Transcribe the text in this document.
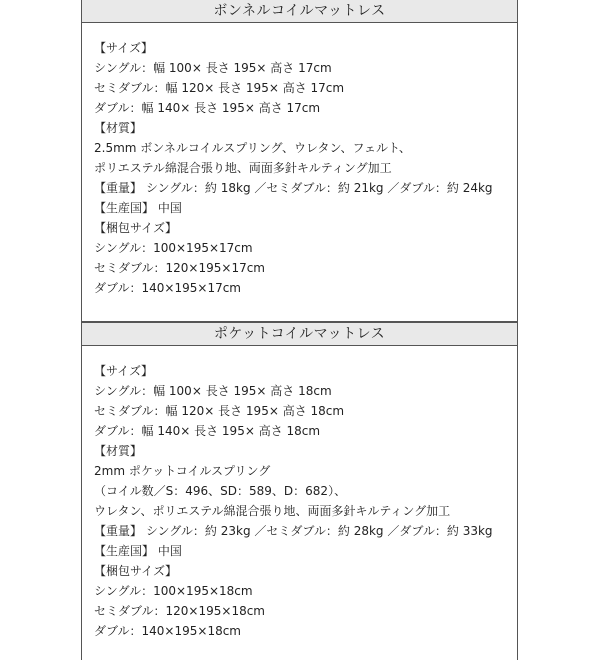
ボンネルコイルマットレス
【サイズ】
シングル：幅 100× 長さ 195× 高さ 17cm
セミダブル：幅 120× 長さ 195× 高さ 17cm
ダブル：幅 140× 長さ 195× 高さ 17cm
【材質】
2.5mm ボンネルコイルスプリング、ウレタン、フェルト、
ポリエステル綿混合張り地、両面多針キルティング加工
【重量】 シングル：約 18kg ／セミダブル：約 21kg ／ダブル：約 24kg
【生産国】 中国
【梱包サイズ】
シングル：100×195×17cm
セミダブル：120×195×17cm
ダブル：140×195×17cm
ポケットコイルマットレス
【サイズ】
シングル：幅 100× 長さ 195× 高さ 18cm
セミダブル：幅 120× 長さ 195× 高さ 18cm
ダブル：幅 140× 長さ 195× 高さ 18cm
【材質】
2mm ポケットコイルスプリング
（コイル数／S：496、SD：589、D：682）、
ウレタン、ポリエステル綿混合張り地、両面多針キルティング加工
【重量】 シングル：約 23kg ／セミダブル：約 28kg ／ダブル：約 33kg
【生産国】 中国
【梱包サイズ】
シングル：100×195×18cm
セミダブル：120×195×18cm
ダブル：140×195×18cm
